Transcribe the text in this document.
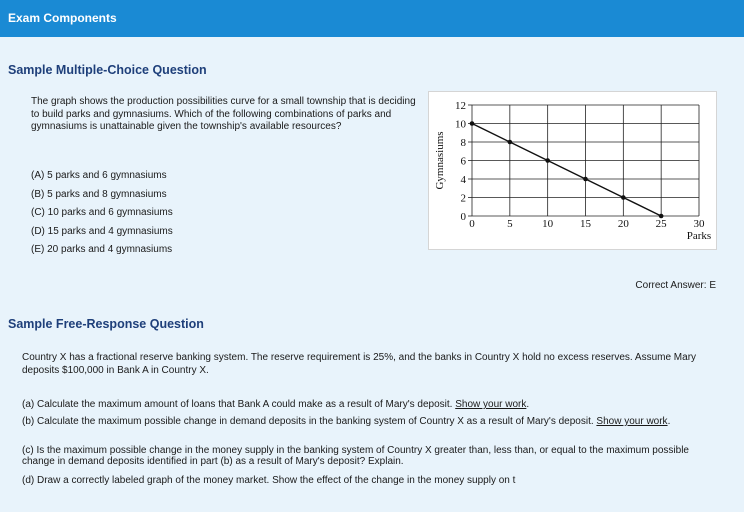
Exam Components
Sample Multiple-Choice Question
The graph shows the production possibilities curve for a small township that is deciding to build parks and gymnasiums. Which of the following combinations of parks and gymnasiums is unattainable given the township's available resources?
(A) 5 parks and 6 gymnasiums
(B) 5 parks and 8 gymnasiums
(C) 10 parks and 6 gymnasiums
(D) 15 parks and 4 gymnasiums
(E) 20 parks and 4 gymnasiums
0
2
4
6
8
10
12
0	5	10 15 20 25 30
Parks
Gymnasiums
Correct Answer: E
Sample Free-Response Question
Country X has a fractional reserve banking system. The reserve requirement is 25%, and the banks in Country X hold no excess reserves. Assume Mary deposits $100,000 in Bank A in Country X.
(a) Calculate the maximum amount of loans that Bank A could make as a result of Mary's deposit. Show your work.
(b) Calculate the maximum possible change in demand deposits in the banking system of Country X as a result of Mary's deposit. Show your work.
(c) Is the maximum possible change in the money supply in the banking system of Country X greater than, less than, or equal to the maximum possible change in demand deposits identified in part (b) as a result of Mary's deposit? Explain.
(d) Draw a correctly labeled graph of the money market. Show the effect of the change in the money supply on t
